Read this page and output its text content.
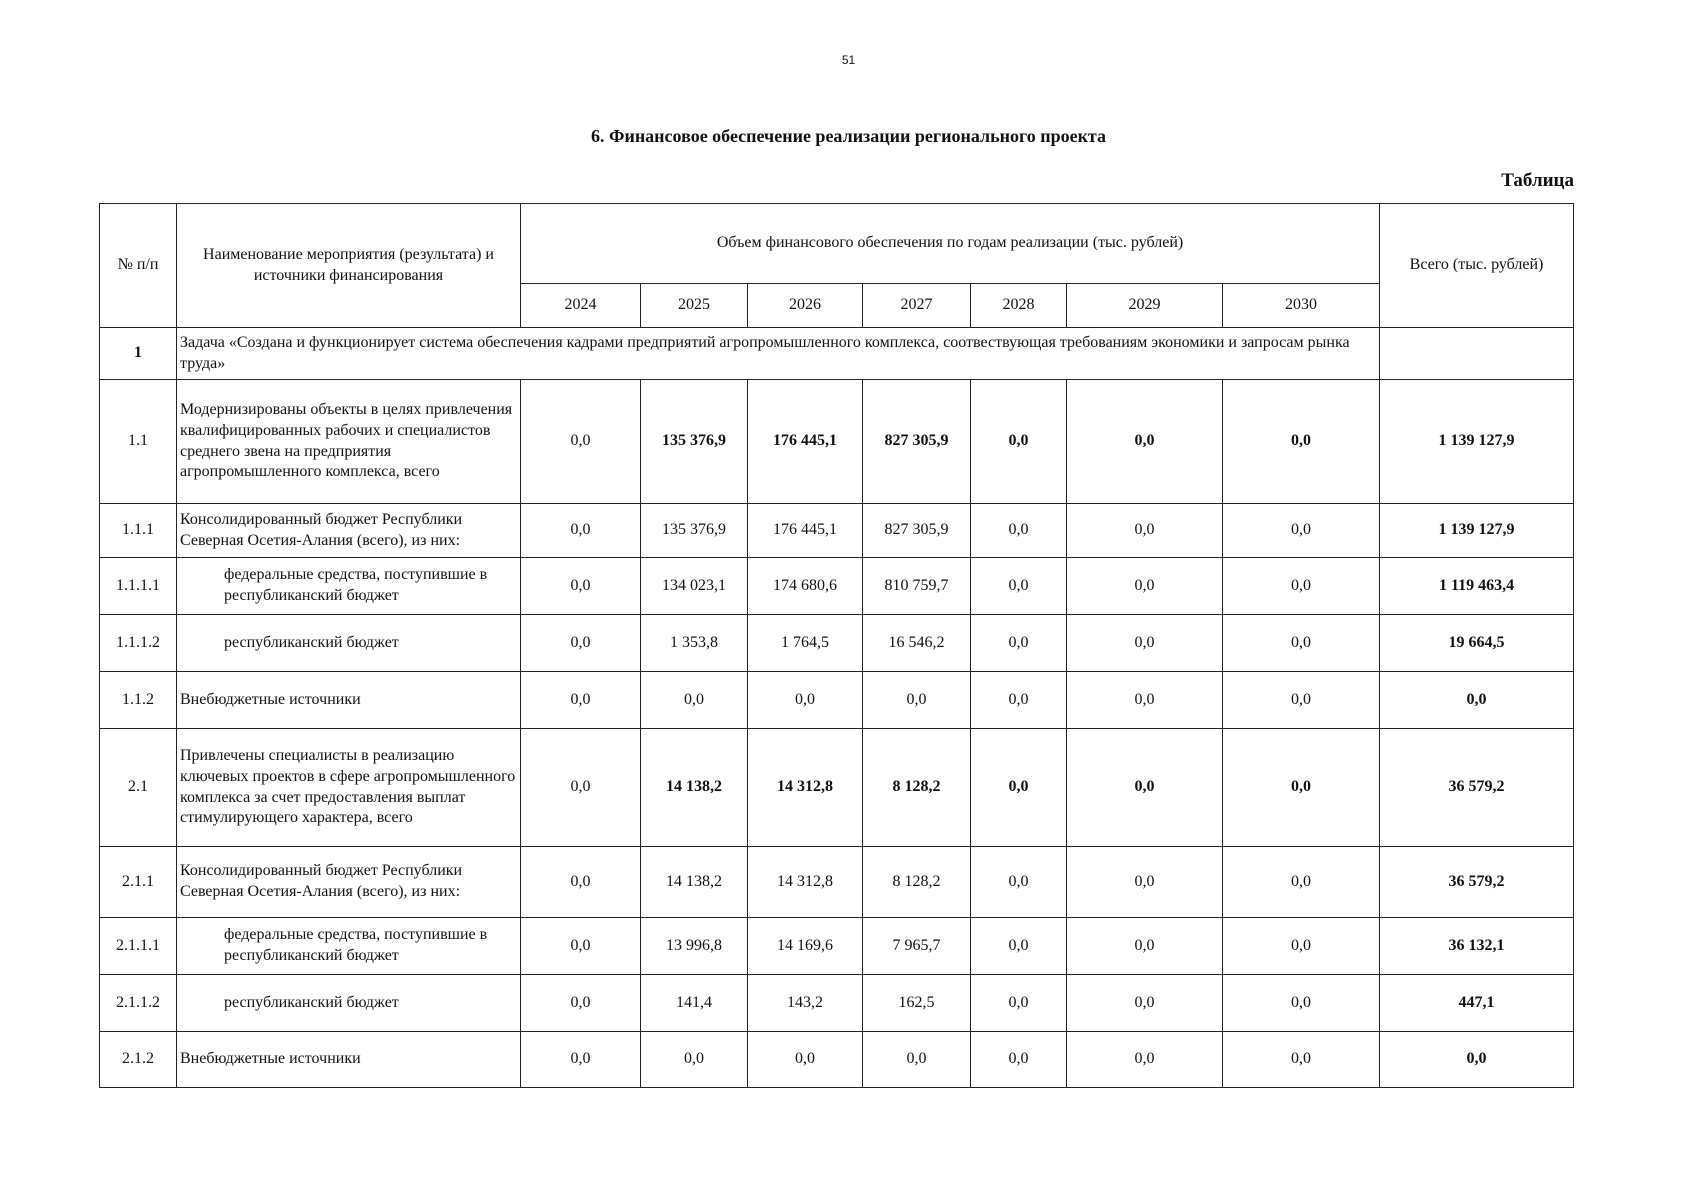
51
6. Финансовое обеспечение реализации регионального проекта
Таблица
№ п/п	Наименование мероприятия (результата) и источники финансирования	Объем финансового обеспечения по годам реализации (тыс. рублей)							Всего (тыс. рублей)
		2024	2025	2026	2027	2028	2029	2030	
1	Задача «Создана и функционирует система обеспечения кадрами предприятий агропромышленного комплекса, соотвествующая требованиям экономики и запросам рынка труда»								
1.1	Модернизированы объекты в целях привлечения квалифицированных рабочих и специалистов среднего звена на предприятия агропромышленного комплекса, всего	0,0	135 376,9	176 445,1	827 305,9	0,0	0,0	0,0	1 139 127,9
1.1.1	Консолидированный бюджет Республики Северная Осетия-Алания (всего), из них:	0,0	135 376,9	176 445,1	827 305,9	0,0	0,0	0,0	1 139 127,9
1.1.1.1	федеральные средства, поступившие в республиканский бюджет	0,0	134 023,1	174 680,6	810 759,7	0,0	0,0	0,0	1 119 463,4
1.1.1.2	республиканский бюджет	0,0	1 353,8	1 764,5	16 546,2	0,0	0,0	0,0	19 664,5
1.1.2	Внебюджетные источники	0,0	0,0	0,0	0,0	0,0	0,0	0,0	0,0
2.1	Привлечены специалисты в реализацию ключевых проектов в сфере агропромышленного комплекса за счет предоставления выплат стимулирующего характера, всего	0,0	14 138,2	14 312,8	8 128,2	0,0	0,0	0,0	36 579,2
2.1.1	Консолидированный бюджет Республики Северная Осетия-Алания (всего), из них:	0,0	14 138,2	14 312,8	8 128,2	0,0	0,0	0,0	36 579,2
2.1.1.1	федеральные средства, поступившие в республиканский бюджет	0,0	13 996,8	14 169,6	7 965,7	0,0	0,0	0,0	36 132,1
2.1.1.2	республиканский бюджет	0,0	141,4	143,2	162,5	0,0	0,0	0,0	447,1
2.1.2	Внебюджетные источники	0,0	0,0	0,0	0,0	0,0	0,0	0,0	0,0
